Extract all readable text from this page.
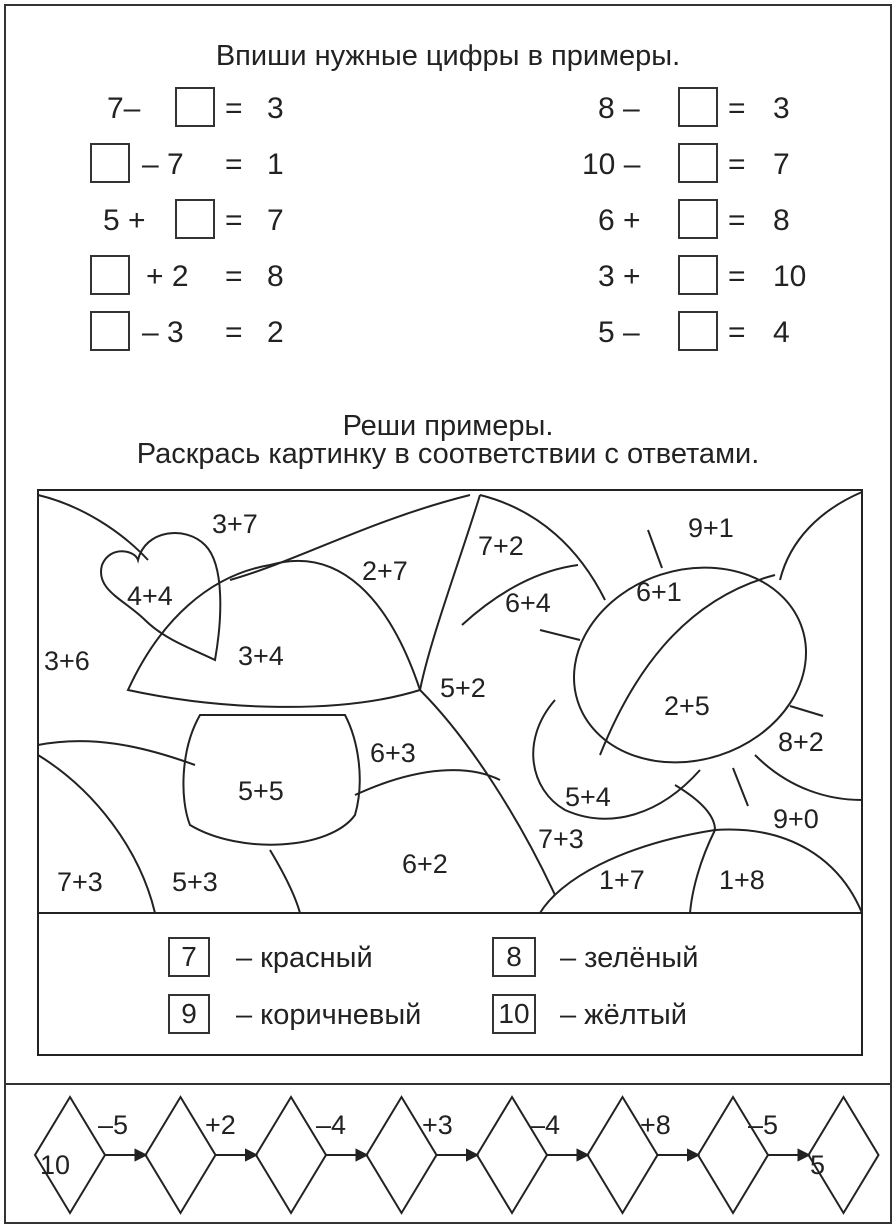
Впиши нужные цифры в примеры.
7–	= 3
– 7 = 1
5 +	= 7
+ 2 = 8
– 3 = 2
8 –	= 3
10 –	= 7
6 +	= 8
3 +	= 10
5 –	= 4
Реши примеры.
Раскрась картинку в соответствии с ответами.
3+7
4+4
3+6	3+4
2+7
7+2
6+4
9+1
6+1
5+2
2+5
8+2
6+3
5+5	5+4
9+0
7+3
7+3	5+3
6+2
1+7	1+8
7	– красный	8	– зелёный
9	– коричневый	10 – жёлтый
10	5
–5	+2	–4	+3	–4	+8	–5
